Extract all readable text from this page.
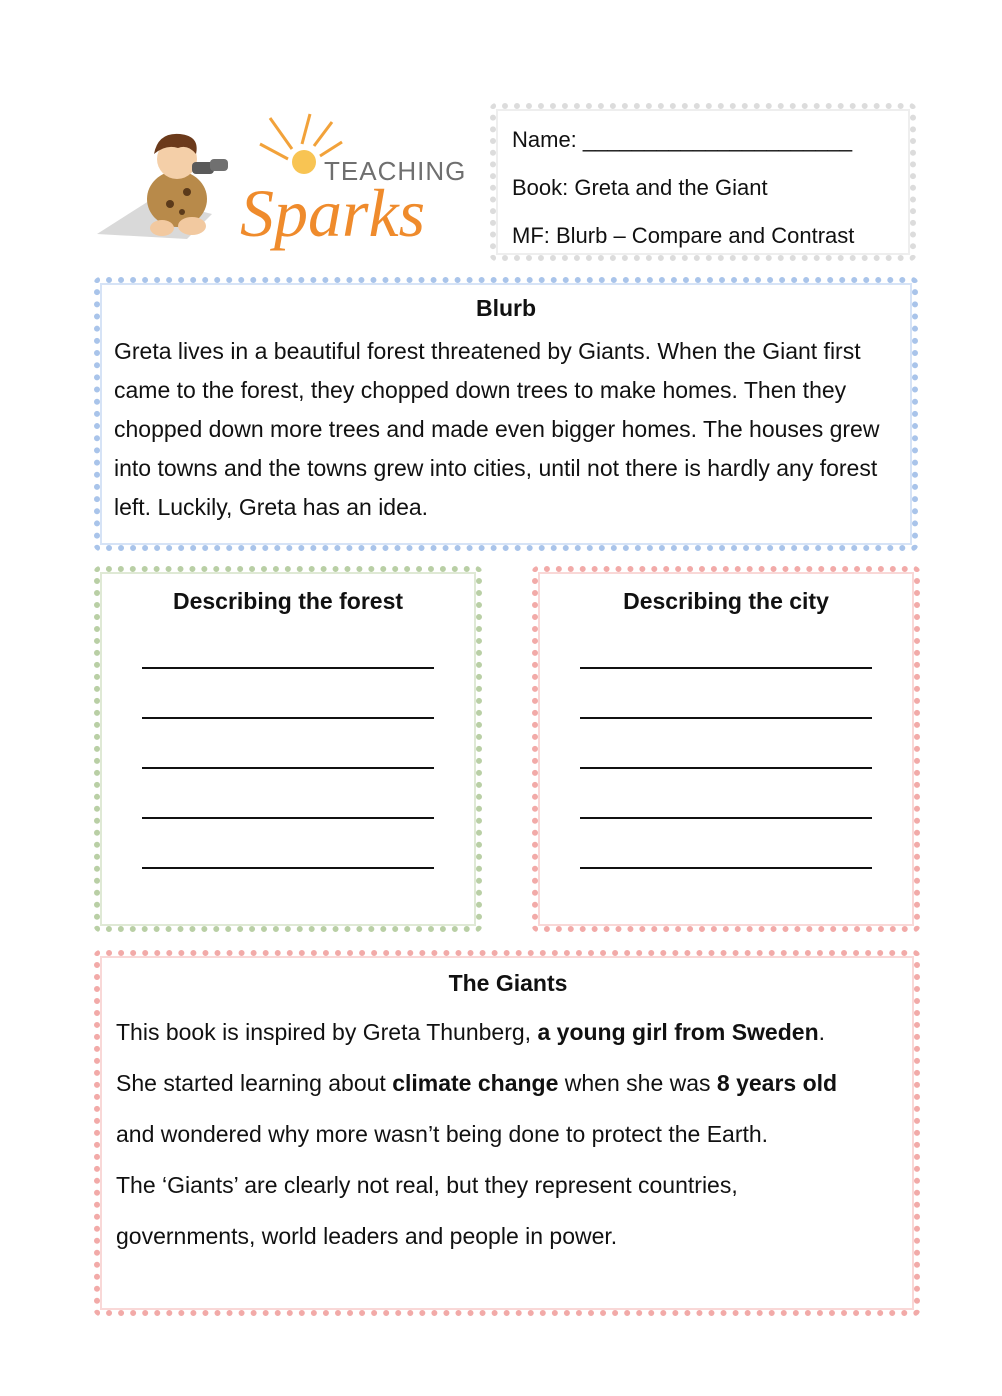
TEACHING
Sparks
Name: ______________________
Book: Greta and the Giant
MF: Blurb – Compare and Contrast
Blurb

Greta lives in a beautiful forest threatened by Giants. When the Giant first came to the forest, they chopped down trees to make homes. Then they chopped down more trees and made even bigger homes. The houses grew into towns and the towns grew into cities, until not there is hardly any forest left. Luckily, Greta has an idea.

Describing the forest	Describing the city
The Giants
This book is inspired by Greta Thunberg, a young girl from Sweden.
She started learning about climate change when she was 8 years old
and wondered why more wasn’t being done to protect the Earth.
The ‘Giants’ are clearly not real, but they represent countries,
governments, world leaders and people in power.
